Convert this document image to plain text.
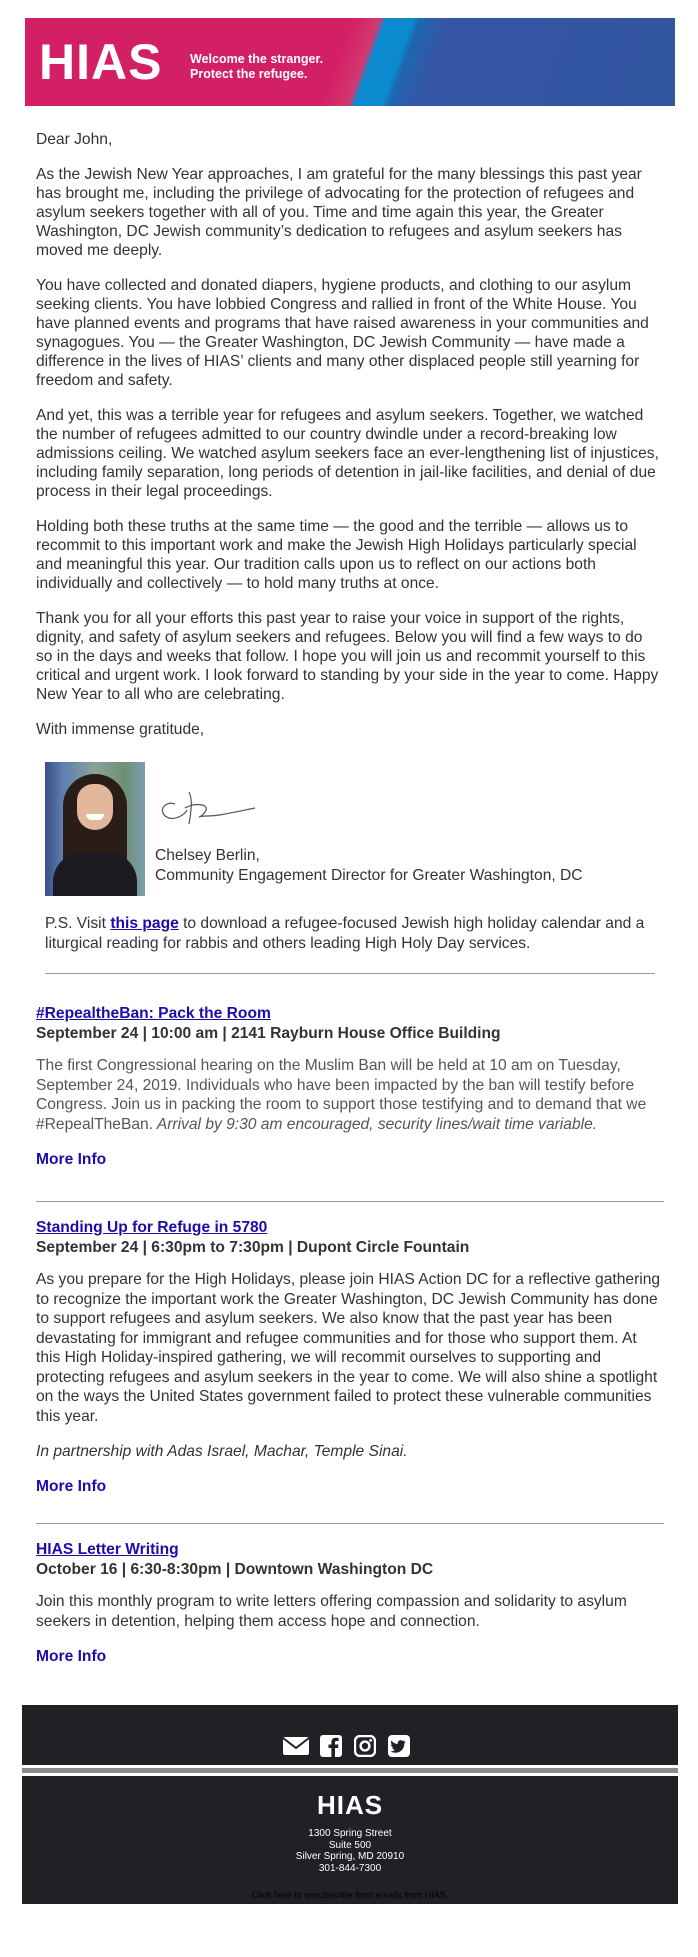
HIAS Welcome the stranger.
Protect the refugee.

Dear John,

As the Jewish New Year approaches, I am grateful for the many blessings this past year has brought me, including the privilege of advocating for the protection of refugees and asylum seekers together with all of you. Time and time again this year, the Greater Washington, DC Jewish community’s dedication to refugees and asylum seekers has moved me deeply.

You have collected and donated diapers, hygiene products, and clothing to our asylum seeking clients. You have lobbied Congress and rallied in front of the White House. You have planned events and programs that have raised awareness in your communities and synagogues. You — the Greater Washington, DC Jewish Community — have made a difference in the lives of HIAS’ clients and many other displaced people still yearning for freedom and safety.

And yet, this was a terrible year for refugees and asylum seekers. Together, we watched the number of refugees admitted to our country dwindle under a record-breaking low admissions ceiling. We watched asylum seekers face an ever-lengthening list of injustices, including family separation, long periods of detention in jail-like facilities, and denial of due process in their legal proceedings.

Holding both these truths at the same time — the good and the terrible — allows us to recommit to this important work and make the Jewish High Holidays particularly special and meaningful this year. Our tradition calls upon us to reflect on our actions both individually and collectively — to hold many truths at once.

Thank you for all your efforts this past year to raise your voice in support of the rights, dignity, and safety of asylum seekers and refugees. Below you will find a few ways to do so in the days and weeks that follow. I hope you will join us and recommit yourself to this critical and urgent work. I look forward to standing by your side in the year to come. Happy New Year to all who are celebrating.

With immense gratitude,

Chelsey Berlin,
Community Engagement Director for Greater Washington, DC
P.S. Visit this page to download a refugee-focused Jewish high holiday calendar and a liturgical reading for rabbis and others leading High Holy Day services.
#RepealtheBan: Pack the Room
September 24 | 10:00 am | 2141 Rayburn House Office Building
The first Congressional hearing on the Muslim Ban will be held at 10 am on Tuesday, September 24, 2019. Individuals who have been impacted by the ban will testify before Congress. Join us in packing the room to support those testifying and to demand that we #RepealTheBan. Arrival by 9:30 am encouraged, security lines/wait time variable.
More Info
Standing Up for Refuge in 5780
September 24 | 6:30pm to 7:30pm | Dupont Circle Fountain
As you prepare for the High Holidays, please join HIAS Action DC for a reflective gathering to recognize the important work the Greater Washington, DC Jewish Community has done to support refugees and asylum seekers. We also know that the past year has been devastating for immigrant and refugee communities and for those who support them. At this High Holiday-inspired gathering, we will recommit ourselves to supporting and protecting refugees and asylum seekers in the year to come. We will also shine a spotlight on the ways the United States government failed to protect these vulnerable communities this year.
In partnership with Adas Israel, Machar, Temple Sinai.
More Info
HIAS Letter Writing
October 16 | 6:30-8:30pm | Downtown Washington DC
Join this monthly program to write letters offering compassion and solidarity to asylum seekers in detention, helping them access hope and connection.
More Info
HIAS
1300 Spring Street
Suite 500
Silver Spring, MD 20910
301-844-7300
Click here to unsubscribe from emails from HIAS.
